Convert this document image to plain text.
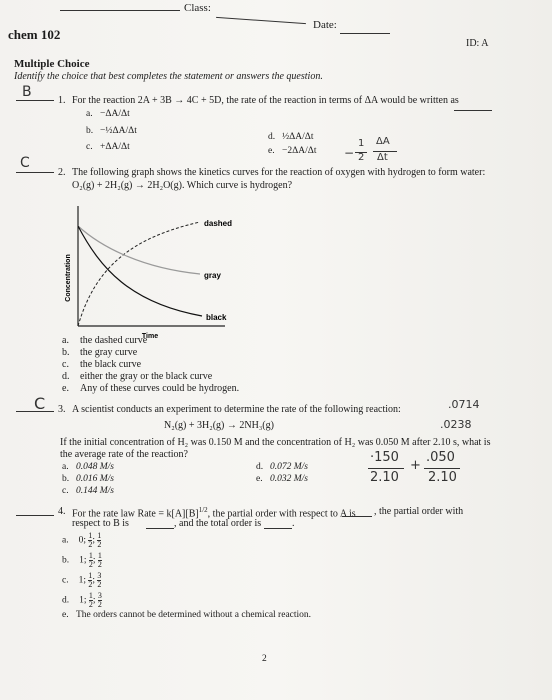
Class:
Date:
chem 102
ID: A
Multiple Choice
Identify the choice that best completes the statement or answers the question.
B
1. For the reaction 2A + 3B → 4C + 5D, the rate of the reaction in terms of ΔA would be written as
a. −ΔA/Δt
b. −½ΔA/Δt
c. +ΔA/Δt
d. ½ΔA/Δt
e. −2ΔA/Δt −
1
2
ΔA
Δt
C
2. The following graph shows the kinetics curves for the reaction of oxygen with hydrogen to form water:
O₂(g) + 2H₂(g) → 2H₂O(g). Which curve is hydrogen?
Concentration
Time
dashed
gray
black
a. the dashed curve
b. the gray curve
c. the black curve
d. either the gray or the black curve
e. Any of these curves could be hydrogen.
C 3. A scientist conducts an experiment to determine the rate of the following reaction:	.0714
N₂(g) + 3H₂(g) → 2NH₃(g)	.0238
If the initial concentration of H₂ was 0.150 M and the concentration of H₂ was 0.050 M after 2.10 s, what is
the average rate of the reaction?
a. 0.048 M/s
b. 0.016 M/s
c. 0.144 M/s
d. 0.072 M/s
e. 0.032 M/s
·150
2.10
+
.050
2.10
4. For the rate law Rate = $k[A][B]^{1/2}$, the partial order with respect to A is , the partial order with
respect to B is	, and the total order is	.
a. 0; $\frac{1}{2}$ ; $\frac{1}{2}$
b. 1; $\frac{1}{2}$ ; $\frac{1}{2}$
c. 1; $\frac{1}{2}$ ; $\frac{3}{2}$
d. 1; $\frac{1}{2}$ ; $\frac{3}{2}$
e. The orders cannot be determined without a chemical reaction.
2
